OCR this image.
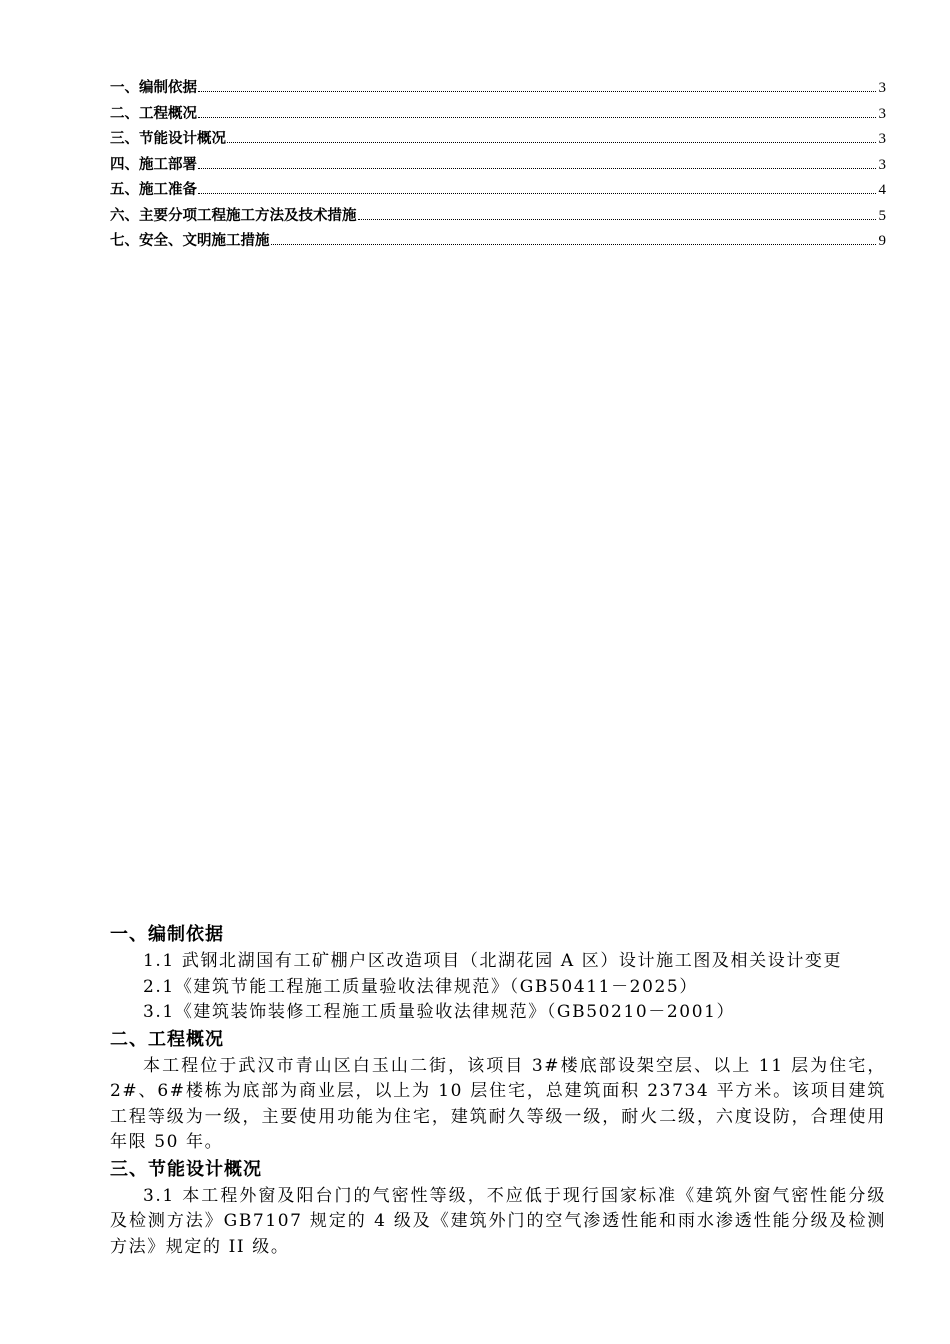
一、编制依据	3
二、工程概况	3
三、节能设计概况	3
四、施工部署	3
五、施工准备	4
六、主要分项工程施工方法及技术措施	5
七、安全、文明施工措施	9
一、编制依据

1.1 武钢北湖国有工矿棚户区改造项目（北湖花园 A 区）设计施工图及相关设计变更

2.1《建筑节能工程施工质量验收法律规范》（GB50411－2025）

3.1《建筑装饰装修工程施工质量验收法律规范》（GB50210－2001）

二、工程概况

本工程位于武汉市青山区白玉山二街，该项目 3#楼底部设架空层、以上 11 层为住宅，2#、6#楼栋为底部为商业层，以上为 10 层住宅，总建筑面积 23734 平方米。该项目建筑工程等级为一级，主要使用功能为住宅，建筑耐久等级一级，耐火二级，六度设防，合理使用年限 50 年。

三、节能设计概况

3.1 本工程外窗及阳台门的气密性等级，不应低于现行国家标准《建筑外窗气密性能分级及检测方法》GB7107 规定的 4 级及《建筑外门的空气渗透性能和雨水渗透性能分级及检测方法》规定的 II 级。
